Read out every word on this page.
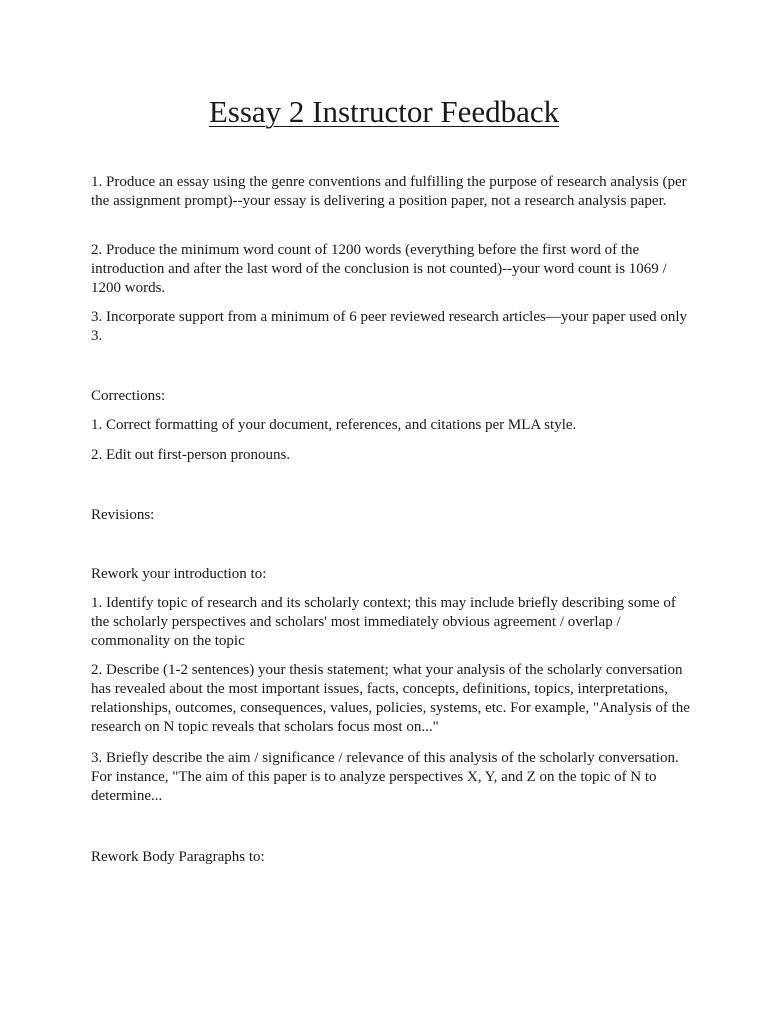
Essay 2 Instructor Feedback

1. Produce an essay using the genre conventions and fulfilling the purpose of research analysis (per the assignment prompt)--your essay is delivering a position paper, not a research analysis paper.

2. Produce the minimum word count of 1200 words (everything before the first word of the introduction and after the last word of the conclusion is not counted)--your word count is 1069 / 1200 words.

3. Incorporate support from a minimum of 6 peer reviewed research articles—your paper used only 3.

Corrections:

1. Correct formatting of your document, references, and citations per MLA style.

2. Edit out first-person pronouns.

Revisions:

Rework your introduction to:

1. Identify topic of research and its scholarly context; this may include briefly describing some of the scholarly perspectives and scholars' most immediately obvious agreement / overlap / commonality on the topic

2. Describe (1-2 sentences) your thesis statement; what your analysis of the scholarly conversation has revealed about the most important issues, facts, concepts, definitions, topics, interpretations, relationships, outcomes, consequences, values, policies, systems, etc. For example, "Analysis of the research on N topic reveals that scholars focus most on..."

3. Briefly describe the aim / significance / relevance of this analysis of the scholarly conversation. For instance, "The aim of this paper is to analyze perspectives X, Y, and Z on the topic of N to determine...

Rework Body Paragraphs to:
